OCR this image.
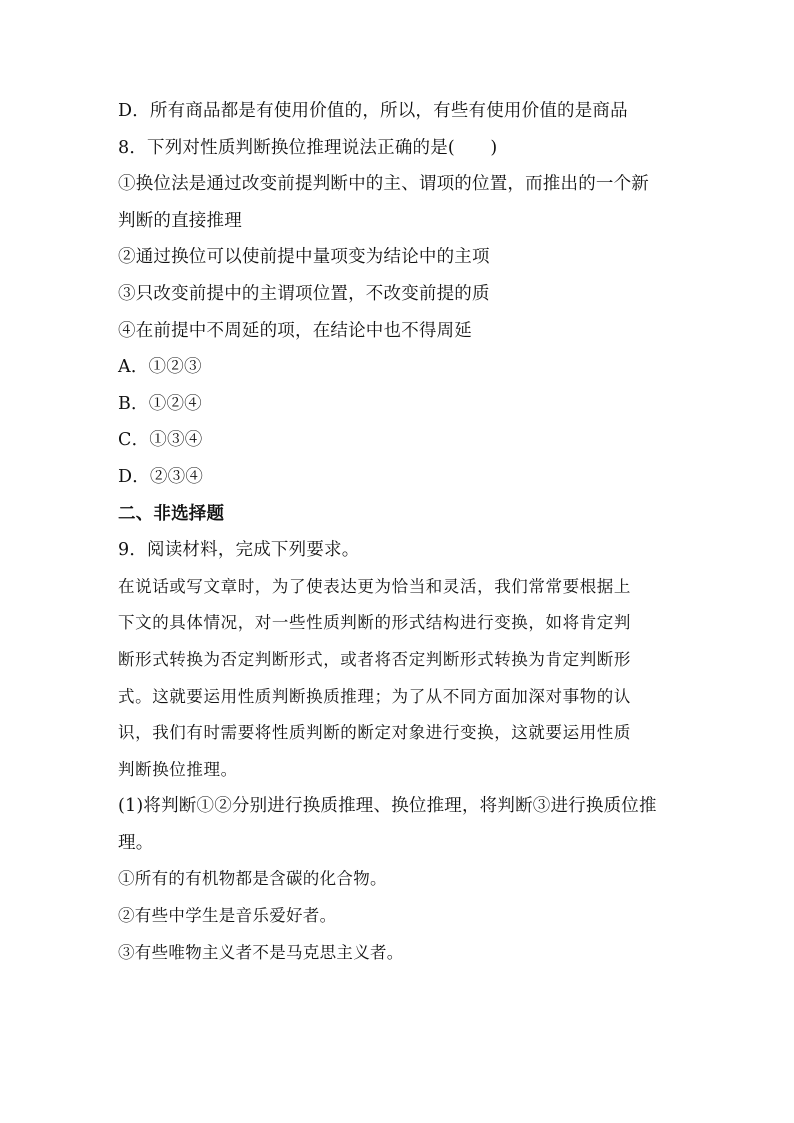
D．所有商品都是有使用价值的，所以，有些有使用价值的是商品
8．下列对性质判断换位推理说法正确的是(　　)
①换位法是通过改变前提判断中的主、谓项的位置，而推出的一个新
判断的直接推理
②通过换位可以使前提中量项变为结论中的主项
③只改变前提中的主谓项位置，不改变前提的质
④在前提中不周延的项，在结论中也不得周延
A．①②③
B．①②④
C．①③④
D．②③④
二、非选择题
9．阅读材料，完成下列要求。
在说话或写文章时，为了使表达更为恰当和灵活，我们常常要根据上
下文的具体情况，对一些性质判断的形式结构进行变换，如将肯定判
断形式转换为否定判断形式，或者将否定判断形式转换为肯定判断形
式。这就要运用性质判断换质推理；为了从不同方面加深对事物的认
识，我们有时需要将性质判断的断定对象进行变换，这就要运用性质
判断换位推理。
(1)将判断①②分别进行换质推理、换位推理，将判断③进行换质位推
理。
①所有的有机物都是含碳的化合物。
②有些中学生是音乐爱好者。
③有些唯物主义者不是马克思主义者。
